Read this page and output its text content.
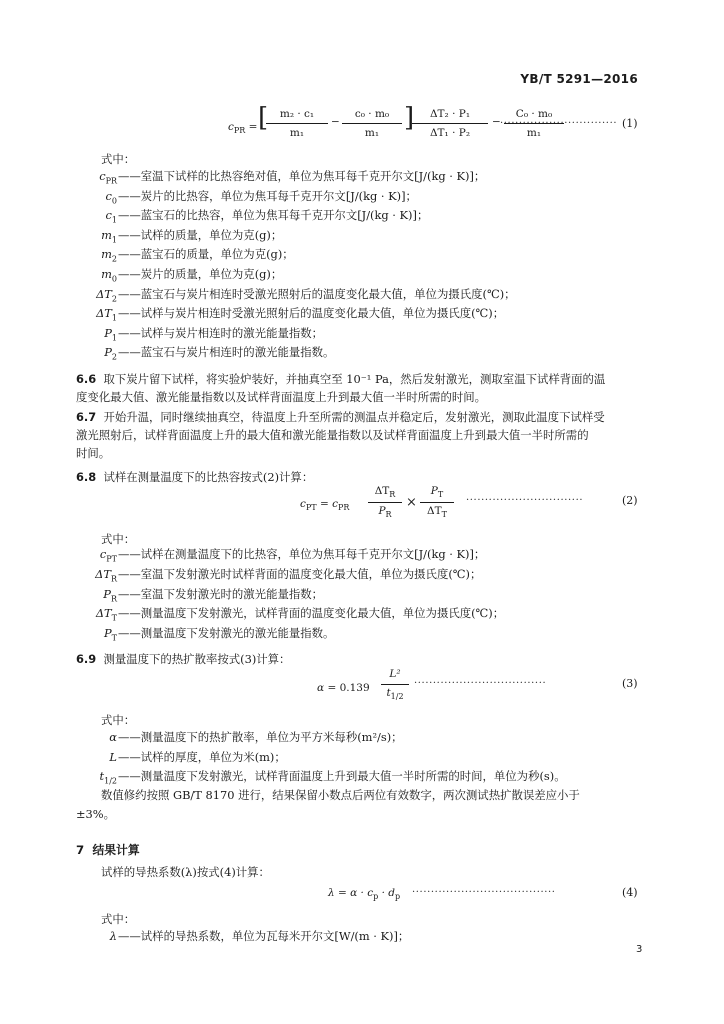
YB/T 5291—2016
$c_{PR}$ = [	m₂ · c₁
m₁
−
c₀ · m₀
m₁ ]	ΔT₂ · P₁
ΔT₁ · P₂
−
C₀ · m₀
m₁
······························· (1)
式中：
$c_{PR}$ ——室温下试样的比热容绝对值，单位为焦耳每千克开尔文[J/(kg · K)]；
$c_0$ ——炭片的比热容，单位为焦耳每千克开尔文[J/(kg · K)]；
$c_1$ ——蓝宝石的比热容，单位为焦耳每千克开尔文[J/(kg · K)]；
$m_1$ ——试样的质量，单位为克(g)；
$m_2$ ——蓝宝石的质量，单位为克(g)；
$m_0$ ——炭片的质量，单位为克(g)；
$\Delta T_2$ ——蓝宝石与炭片相连时受激光照射后的温度变化最大值，单位为摄氏度(℃)；
$\Delta T_1$ ——试样与炭片相连时受激光照射后的温度变化最大值，单位为摄氏度(℃)；
$P_1$ ——试样与炭片相连时的激光能量指数；
$P_2$ ——蓝宝石与炭片相连时的激光能量指数。
6.6 取下炭片留下试样，将实验炉装好，并抽真空至 10⁻¹ Pa，然后发射激光，测取室温下试样背面的温
度变化最大值、激光能量指数以及试样背面温度上升到最大值一半时所需的时间。
6.7 开始升温，同时继续抽真空，待温度上升至所需的测温点并稳定后，发射激光，测取此温度下试样受
激光照射后，试样背面温度上升的最大值和激光能量指数以及试样背面温度上升到最大值一半时所需的
时间。
6.8 试样在测量温度下的比热容按式(2)计算：
$c_{PT} = c_{PR}$
$\Delta T_R$
$P_R$
×
$P_T$
$\Delta T_T$
·······························	(2)
式中：
$c_{PT}$ ——试样在测量温度下的比热容，单位为焦耳每千克开尔文[J/(kg · K)]；
$\Delta T_R$ ——室温下发射激光时试样背面的温度变化最大值，单位为摄氏度(℃)；
$P_R$ ——室温下发射激光时的激光能量指数；
$\Delta T_T$ ——测量温度下发射激光，试样背面的温度变化最大值，单位为摄氏度(℃)；
$P_T$ ——测量温度下发射激光的激光能量指数。
6.9 测量温度下的热扩散率按式(3)计算：
α = 0.139
L²
$t_{1/2}$
···································	(3)
式中：
α ——测量温度下的热扩散率，单位为平方米每秒(m²/s)；
L ——试样的厚度，单位为米(m)；
$t_{1/2}$ ——测量温度下发射激光，试样背面温度上升到最大值一半时所需的时间，单位为秒(s)。
数值修约按照 GB/T 8170 进行，结果保留小数点后两位有效数字，两次测试热扩散误差应小于
±3%。
7 结果计算
试样的导热系数(λ)按式(4)计算：
$\lambda = \alpha \cdot c_p \cdot d_p$ ······································	(4)
式中：
λ ——试样的导热系数，单位为瓦每米开尔文[W/(m · K)]；
3
